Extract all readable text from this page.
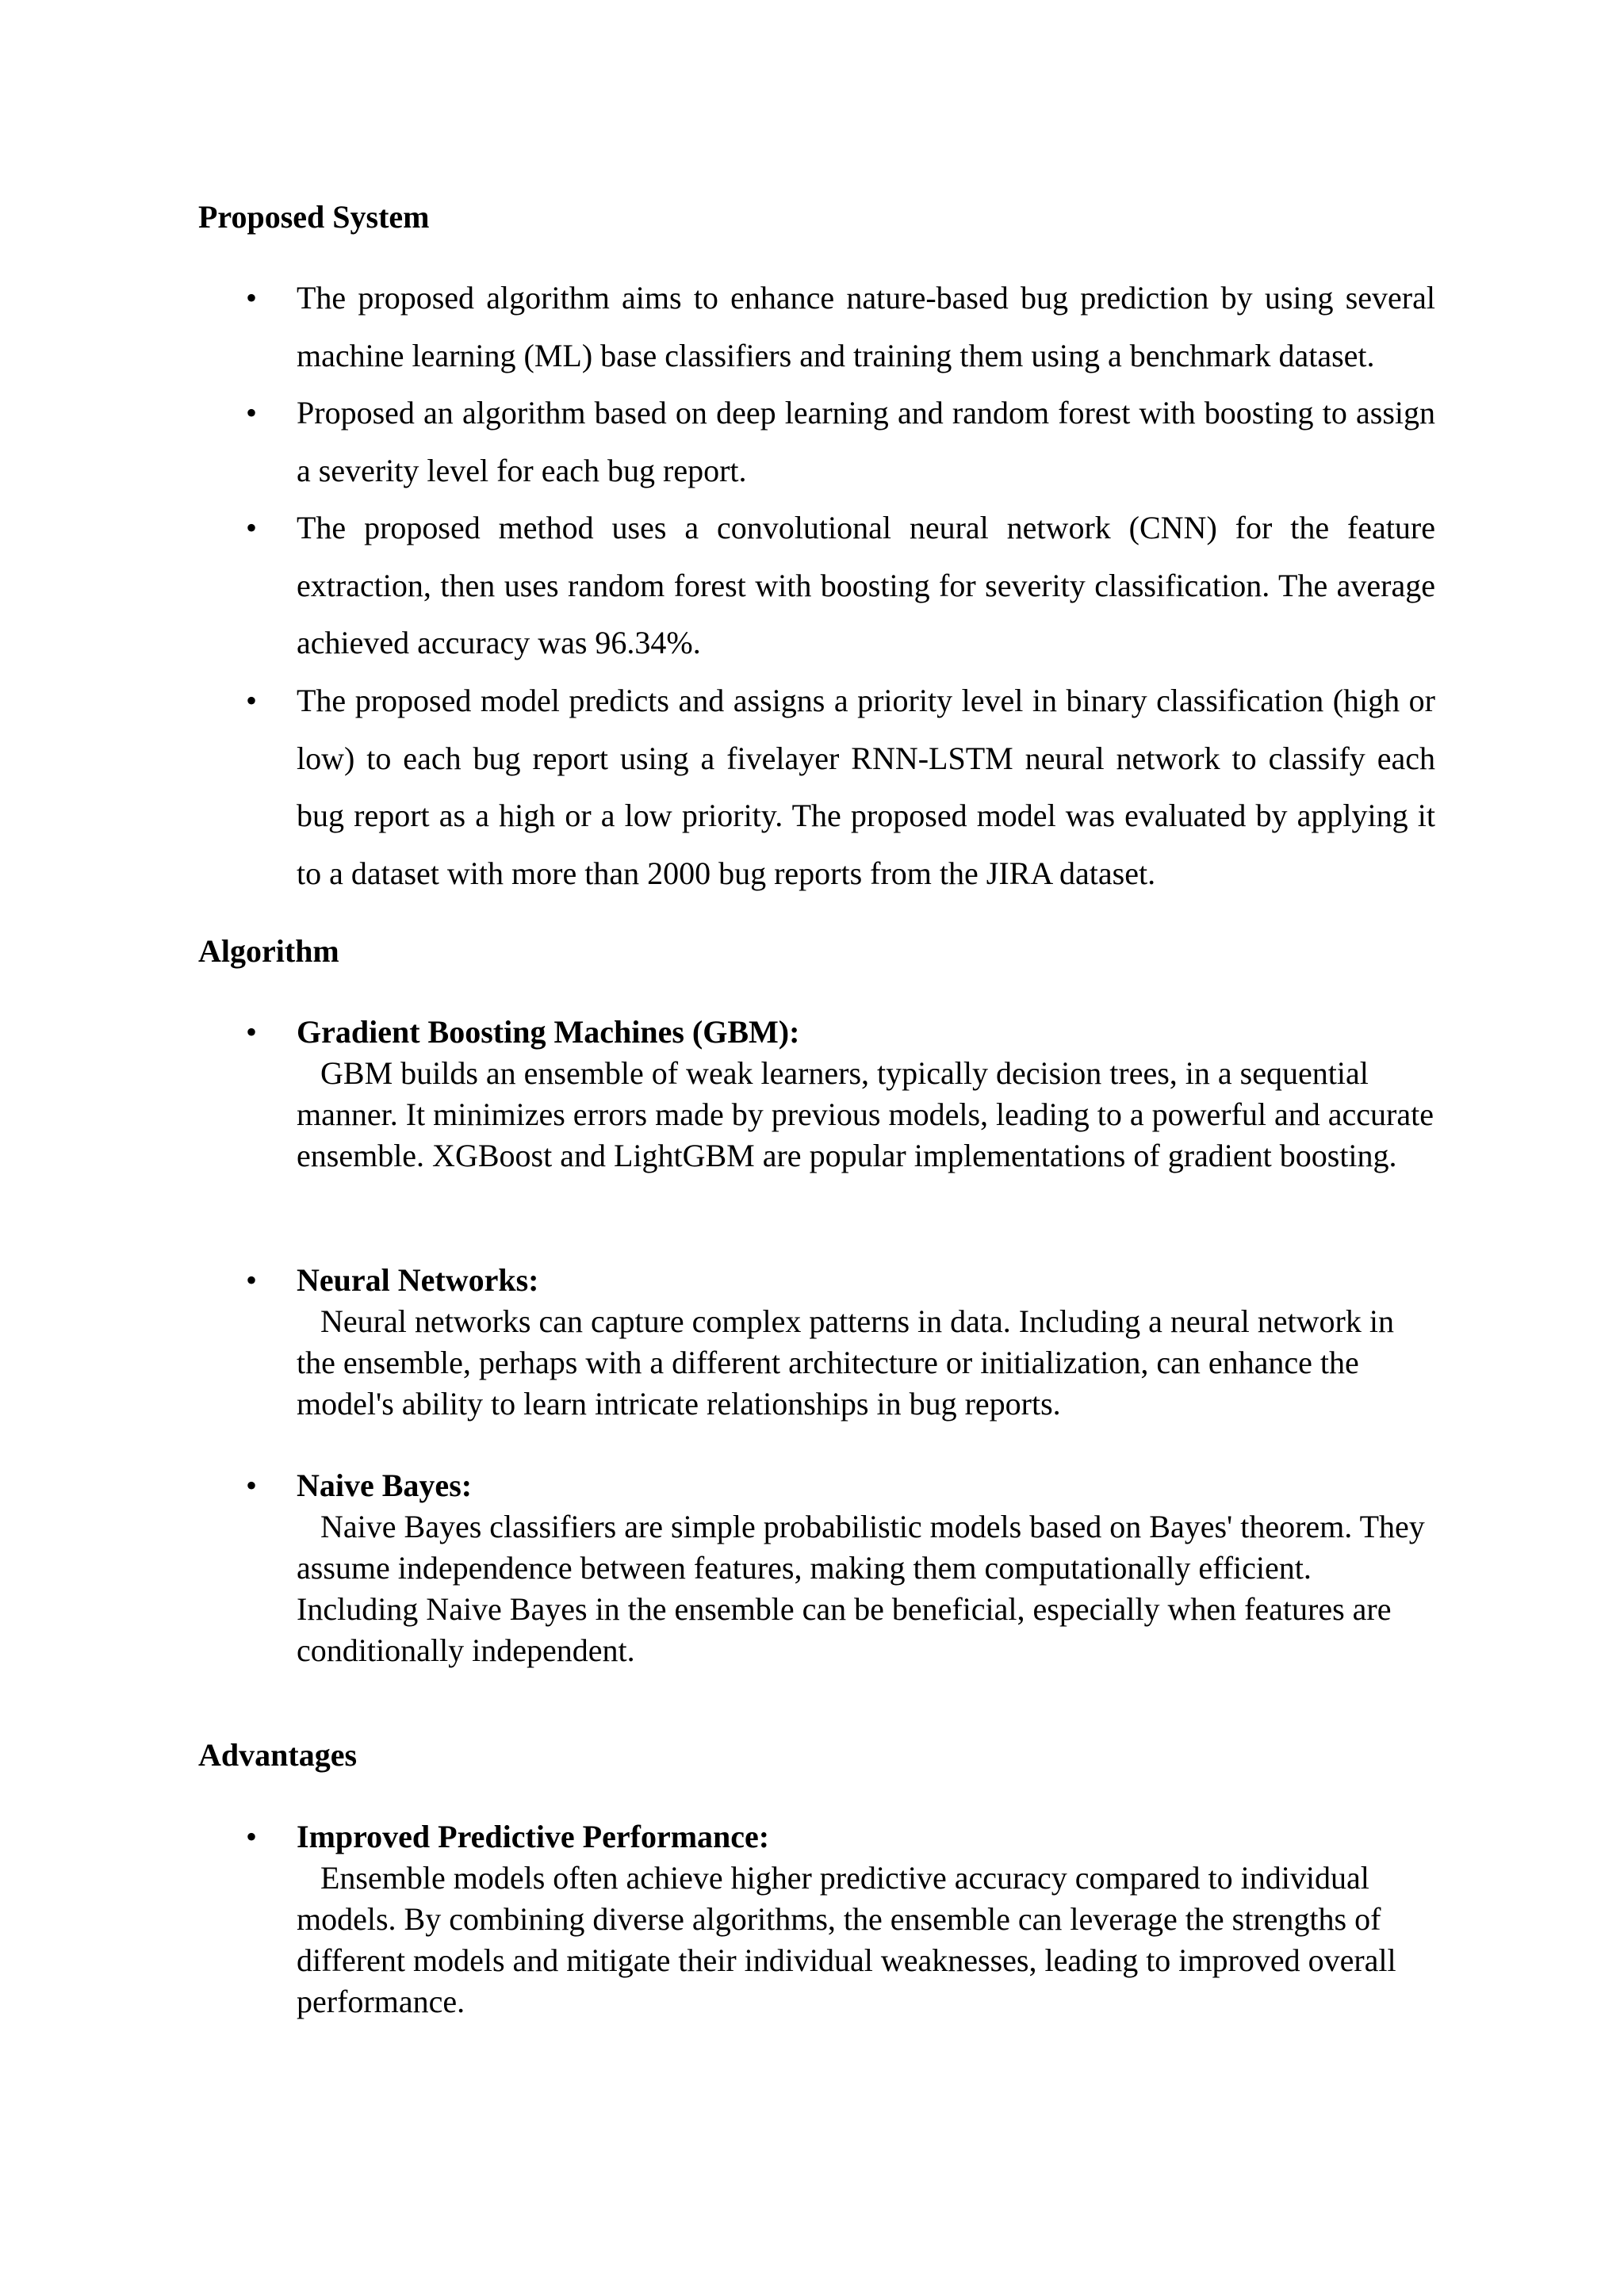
Proposed System
• The proposed algorithm aims to enhance nature-based bug prediction by using several machine learning (ML) base classifiers and training them using a benchmark dataset.

• Proposed an algorithm based on deep learning and random forest with boosting to assign a severity level for each bug report.

• The proposed method uses a convolutional neural network (CNN) for the feature extraction, then uses random forest with boosting for severity classification. The average achieved accuracy was 96.34%.

• The proposed model predicts and assigns a priority level in binary classification (high or low) to each bug report using a fivelayer RNN-LSTM neural network to classify each bug report as a high or a low priority. The proposed model was evaluated by applying it to a dataset with more than 2000 bug reports from the JIRA dataset.

Algorithm
• Gradient Boosting Machines (GBM):
GBM builds an ensemble of weak learners, typically decision trees, in a sequential manner. It minimizes errors made by previous models, leading to a powerful and accurate ensemble. XGBoost and LightGBM are popular implementations of gradient boosting.
• Neural Networks:
Neural networks can capture complex patterns in data. Including a neural network in the ensemble, perhaps with a different architecture or initialization, can enhance the model's ability to learn intricate relationships in bug reports.
• Naive Bayes:
Naive Bayes classifiers are simple probabilistic models based on Bayes' theorem. They assume independence between features, making them computationally efficient. Including Naive Bayes in the ensemble can be beneficial, especially when features are conditionally independent.
Advantages
• Improved Predictive Performance:
Ensemble models often achieve higher predictive accuracy compared to individual models. By combining diverse algorithms, the ensemble can leverage the strengths of different models and mitigate their individual weaknesses, leading to improved overall performance.
